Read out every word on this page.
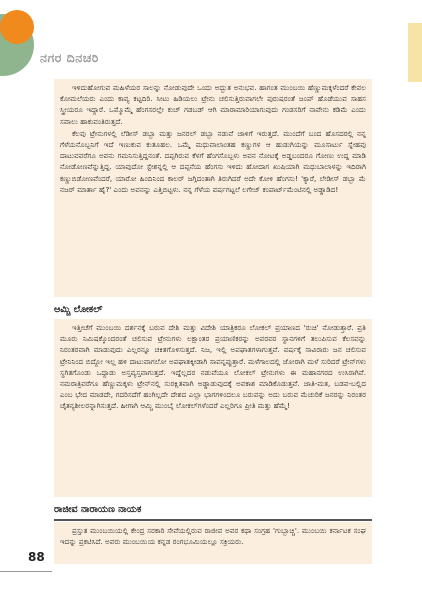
ನಗರ ದಿನಚರಿ

ಇಳಿದುಹೋಗುವ ಮಹಿಳೆಯರ ಸಾಲನ್ನು ನೋಡುವುದೇ ಒಂದು ಅದ್ಭುತ ಅನುಭವ. ಹಾಗಂತ ಮುಂಬಯಿ ಹೆಣ್ಣುಮಕ್ಕಳೆಂದರೆ ಕೇವಲ ಕೋಮಲೆಯರು ಎಂದು ಕಾವ್ಯ ಕಟ್ಟದಿರಿ. ಸೀಟು ಹಿಡಿಯಲು ಟ್ರೇನು ಚಲಿಸುತ್ತಿರುವಾಗಲೇ ಪುರುಷರಂತೆ ಜಂಪ್ ಹೊಡೆಯುವ ಸಾಹಸ ಸ್ತ್ರೀಯರೂ ಇದ್ದಾರೆ. ಒಮ್ಮೊಮ್ಮೆ ಹೆಂಗಸರಲ್ಲೇ ಕುಚ್ ಗಡಬಡ್ ಆಗಿ ಮಾರಾಮಾರಿಯಾಗುವುದು ಗಂಡಸರಿಗೆ ನಾವೇನು ಕಡಿಮೆ ಎಂದು ಸವಾಲು ಹಾಕುವಂತಿರುತ್ತದೆ.

ಕೆಲವು ಟ್ರೇನುಗಳಲ್ಲಿ ಲೆಡೀಸ್ ಡಬ್ಬಾ ಮತ್ತು ಜನರಲ್ ಡಬ್ಬಾ ನಡುವೆ ಜಾಳಿಗೆ ಇರುತ್ತದೆ. ಮುಂದೆಗೆ ಬಂದ ಹೊಸದರಲ್ಲಿ ನನ್ನ ಗೆಳೆಯನೊಬ್ಬನಿಗೆ ಇದೆ ಇಣುಕುವ ಕುತೂಹಲ. ಒಮ್ಮೆ ಮಧುವಾಲಾಂತಹ ಕಣ್ಣುಗಳ ಆ ಹುಡುಗಿಯನ್ನು ಮೂಸಾರ್ಟು ಸ್ನೇಹವು ದಾಟುವವರೆಗೂ ಅವನು ಗಮನಿಸುತ್ತಿದ್ದನಂತೆ. ದಪ್ಪಗಿರುವ ಕೆಳಗೆ ಹೆಂಗಸೊಬ್ಬಳು ಅವನ ನೋಟಕ್ಕೆ ಅಡ್ಡಬಂದರೂ ಗೋಣು ಉದ್ದ ಮಾಡಿ ನೋಡೋಣವೆನ್ನುತ್ತಿದ್ದ. ಯಾವುದೋ ಸ್ಟೇಶನ್ನಲ್ಲಿ ಆ ದಪ್ಪನೆಯ ಹೆಂಗಸು ಇಳಿದು ಹೋದಾಗ ಖುಷಿಯಾಗಿ ಮಧುಬಾಲಾಳನ್ನು ಇದಿರಾಗಿ ಕಣ್ಣುಬಿಡೋಣವೆಂದರೆ, ಯಾರೋ ಹಿಂದಿನಿಂದ ಕಾಲರ್ ಜಗ್ಗಿದಂತಾಗಿ ತಿರುಗಿದರೆ ಅದೇ ಕೋಳಿ ಹೆಂಗಸು! 'ಕ್ಯಾರೆ, ಲೇಡೀಸ್ ಡಬ್ಬಾ ಮೆ ನಜರ್ ಮಾರ್ತಾ ಹೈ?' ಎಂದು ಅವನನ್ನು ಎತ್ತಿಬಿಟ್ಟಳು. ನನ್ನ ಗೆಳೆಯ ವರ್ಷಗಟ್ಟಲೆ ಲಗೇಜ್ ಕಂಪಾರ್ಟ್‌ಮೆಂಟಿನಲ್ಲಿ ಅಡ್ಡಾಡಿದ!

ಆಮ್ಚಿ ಲೋಕಲ್

ಇತ್ತೀಚೆಗೆ ಮುಂಬಯಿ ದರ್ಶನಕ್ಕೆ ಬರುವ ದೇಶಿ ಮತ್ತು ವಿದೇಶಿ ಯಾತ್ರಿಕರೂ ಲೋಕಲ್ ಪ್ರಯಾಣದ 'ರುಚಿ' ನೋಡುತ್ತಾರೆ. ಪ್ರತಿ ಮೂರು ನಿಮಿಷಕ್ಕೊಂದರಂತೆ ಚಲಿಸುವ ಟ್ರೇನುಗಳು ಲಕ್ಷಾಂತರ ಪ್ರಯಾಣಿಕರನ್ನು ಅವರವರ ಸ್ಥಾನಗಳಿಗೆ ತಲುಪಿಸುವ ಕೆಲಸವನ್ನು ನಿರಂತರವಾಗಿ ಮಾಡುವುದು ಎಲ್ಲರನ್ನೂ ಚಕಿತಗೊಳಿಸುತ್ತದೆ. ನಿಜ, ಇಲ್ಲಿ ಅಪಘಾತಗಳಾಗುತ್ತವೆ. ವರ್ಷಕ್ಕೆ ಸಾವಿರಾರು ಜನ ಚಲಿಸುವ ಟ್ರೇನಿನಿಂದ ಬಿದ್ದೋ ಇಲ್ಲ ಹಳಿ ದಾಟುವಾಗಲೋ ಅಪಘಾತಕ್ಕೀಡಾಗಿ ಸಾವನ್ನಪ್ಪುತ್ತಾರೆ. ಮಳೆಗಾಲದಲ್ಲಿ ಜೋರಾಗಿ ಮಳೆ ಸುರಿದರೆ ಟ್ರೇನ್‌ಗಳು ಸ್ಥಗಿತಗೊಂಡು ಒದ್ದಾಡು ಅಸ್ತವ್ಯಸ್ತವಾಗುತ್ತದೆ. ಇದ್ದೆಲ್ಲದರ ನಡುವೆಯೂ ಲೋಕಲ್ ಟ್ರೇನುಗಳು ಈ ಮಹಾನಗರದ ಉಸಿರಾಗಿವೆ. ನಮರಾತ್ರಿವರೆಗೂ ಹೆಣ್ಣುಮಕ್ಕಳು ಟ್ರೇನ್‌ನಲ್ಲಿ ಸುರಕ್ಷಿತವಾಗಿ ಅಡ್ಡಾಡುವುದಕ್ಕೆ ಅವಕಾಶ ಮಾಡಿಕೊಡುತ್ತವೆ. ಜಾತಿ-ಮತ, ಬಡವ-ಬಲ್ಲಿದ ಎಂಬ ಭೇದ ಮಾಡದೇ, ಗದರಿಸದೆಗೆ ಹಂಗಿಲ್ಲದೇ ದೇಶದ ಎಲ್ಲಾ ಭಾಗಗಳಿಂದಲೂ ಬರುವನ್ನು ಅದು ಬರುವ ಮೆಚುರಿಕೆ ಜನರನ್ನು ನಿರಂತರ ಚೈತನ್ಯಶೀಲರನ್ನಾಗಿಸುತ್ತದೆ. ಹೀಗಾಗಿ ಆಮ್ಚಿ ಮುಂಬೈ ಲೋಕಲ್‌ಗಳೆಂದರೆ ಎಲ್ಲರಿಗೂ ಪ್ರೀತಿ ಮತ್ತು ಹೆಮ್ಮೆ!

ರಾಜೀವ ನಾರಾಯಣ ನಾಯಕ

ಪ್ರಸ್ತುತ ಮುಂಬಯಿಯಲ್ಲಿ ಕೇಂದ್ರ ಸರಕಾರಿ ಸೇವೆಯಲ್ಲಿರುವ ರಾಜೀವ ಅವರ ಕಥಾ ಸಂಗ್ರಹ 'ಗುಬ್ಬಾಚ್ಚಿ'. ಮುಂಬಯಿ ಕರ್ನಾಟಕ ಸಂಘ ಇದನ್ನು ಪ್ರಕಟಿಸಿದೆ. ಅವರು ಮುಂಬಯಿಯ ಕನ್ನಡ ರಂಗಭೂಮಿಯಲ್ಲೂ ಸಕ್ರಿಯರು.

88
